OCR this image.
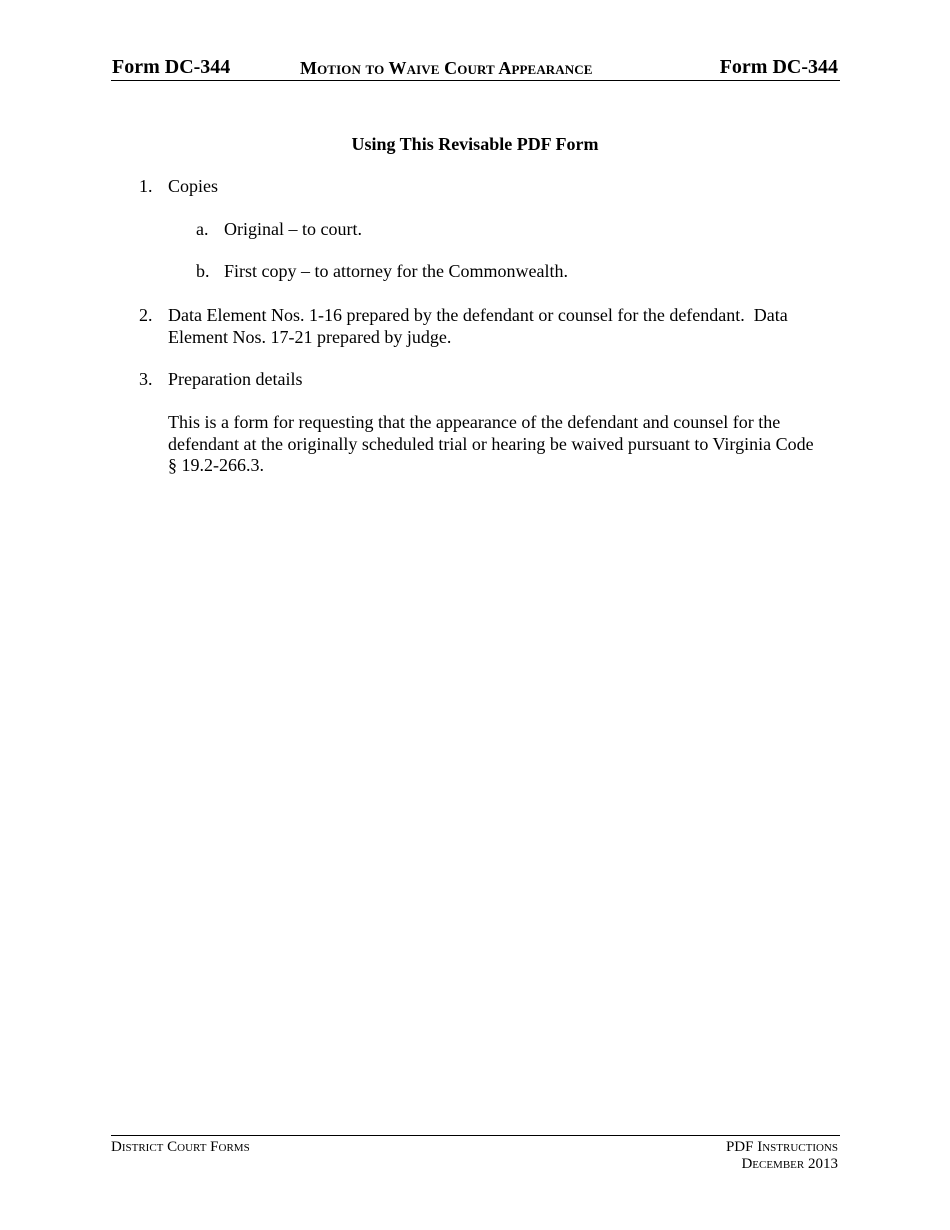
Form DC-344	Motion to Waive Court Appearance	Form DC-344
Using This Revisable PDF Form
1. Copies
a. Original – to court.
b. First copy – to attorney for the Commonwealth.
2. Data Element Nos. 1-16 prepared by the defendant or counsel for the defendant.  Data
Element Nos. 17-21 prepared by judge.
3. Preparation details
This is a form for requesting that the appearance of the defendant and counsel for the
defendant at the originally scheduled trial or hearing be waived pursuant to Virginia Code
§ 19.2-266.3.
District Court Forms	PDF Instructions
December 2013
